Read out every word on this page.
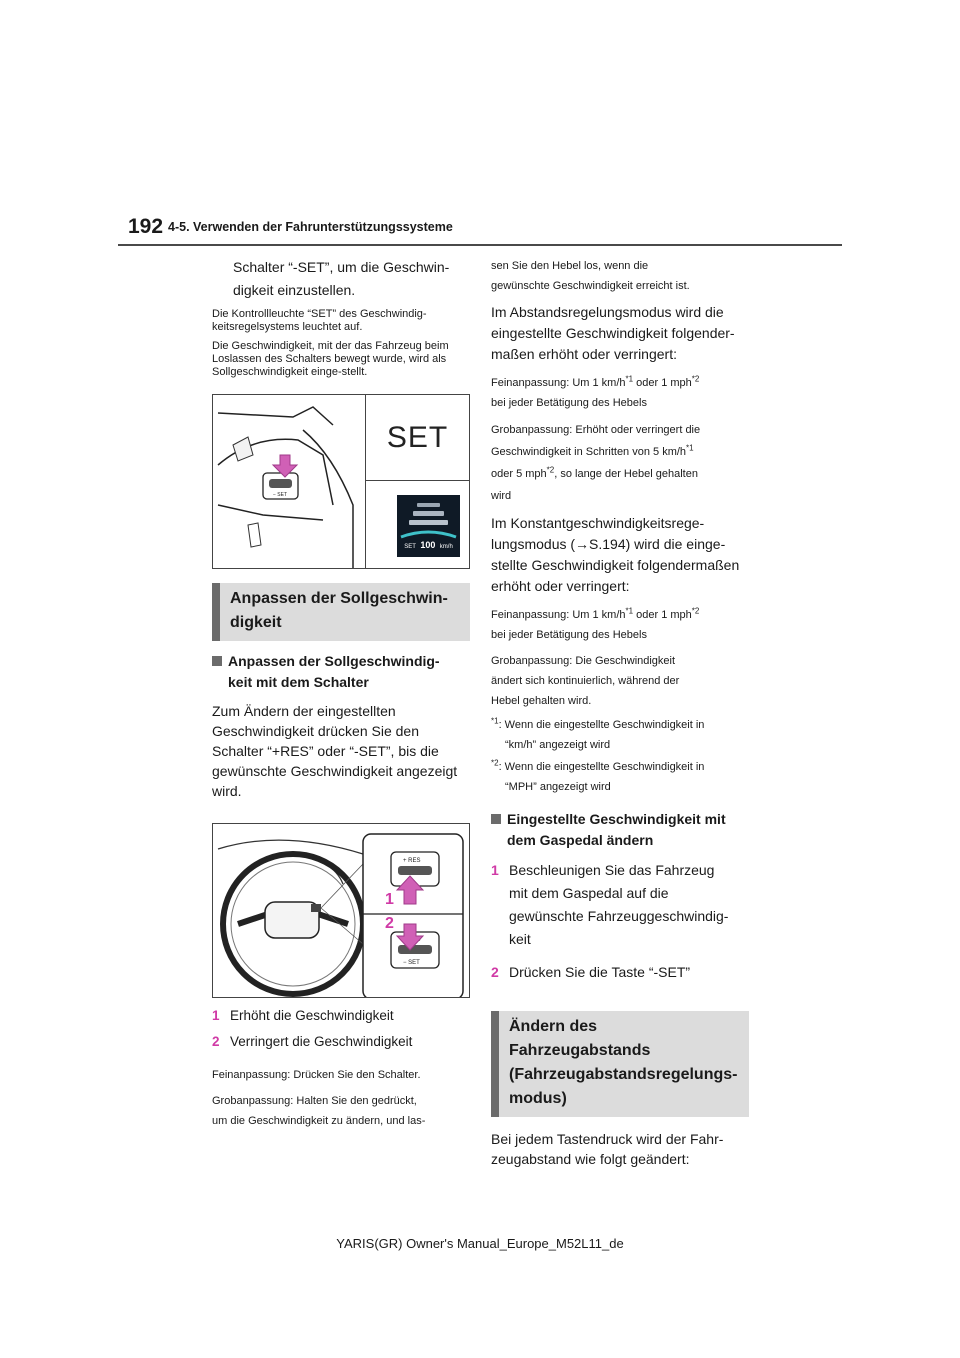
192 4-5. Verwenden der Fahrunterstützungssysteme
Schalter “-SET”, um die Geschwin-
digkeit einzustellen.
Die Kontrollleuchte “SET” des Geschwindig-keitsregelsystems leuchtet auf.
Die Geschwindigkeit, mit der das Fahrzeug beim Loslassen des Schalters bewegt wurde, wird als Sollgeschwindigkeit einge-stellt.
− SET
SET
SET 100 km/h
Anpassen der Sollgeschwin-
digkeit
Anpassen der Sollgeschwindig-
keit mit dem Schalter
Zum Ändern der eingestellten Geschwindigkeit drücken Sie den Schalter “+RES” oder “-SET”, bis die gewünschte Geschwindigkeit angezeigt wird.
+ RES
− SET
1
2
1 Erhöht die Geschwindigkeit
2 Verringert die Geschwindigkeit
Feinanpassung: Drücken Sie den Schalter.
Grobanpassung: Halten Sie den gedrückt,
um die Geschwindigkeit zu ändern, und las-
sen Sie den Hebel los, wenn die
gewünschte Geschwindigkeit erreicht ist.
Im Abstandsregelungsmodus wird die eingestellte Geschwindigkeit folgender-maßen erhöht oder verringert:
Feinanpassung: Um 1 $km/h^{*1}$ oder 1 mph$^{*2}$
bei jeder Betätigung des Hebels
Grobanpassung: Erhöht oder verringert die
Geschwindigkeit in Schritten von 5 $km/h^{*1}$
oder 5 mph$^{*2}$, so lange der Hebel gehalten
wird
Im Konstantgeschwindigkeitsrege-lungsmodus (→S.194) wird die einge-stellte Geschwindigkeit folgendermaßen erhöht oder verringert:
Feinanpassung: Um 1 $km/h^{*1}$ oder 1 mph$^{*2}$
bei jeder Betätigung des Hebels
Grobanpassung: Die Geschwindigkeit
ändert sich kontinuierlich, während der
Hebel gehalten wird.
$^{*1}$: Wenn die eingestellte Geschwindigkeit in
“km/h” angezeigt wird
$^{*2}$: Wenn die eingestellte Geschwindigkeit in
“MPH” angezeigt wird
Eingestellte Geschwindigkeit mit
dem Gaspedal ändern
1 Beschleunigen Sie das Fahrzeug
mit dem Gaspedal auf die
gewünschte Fahrzeuggeschwindig-
keit
2 Drücken Sie die Taste “-SET”
Ändern des Fahrzeugabstands
(Fahrzeugabstandsregelungs-
modus)
Bei jedem Tastendruck wird der Fahr-
zeugabstand wie folgt geändert:
YARIS(GR) Owner's Manual_Europe_M52L11_de
